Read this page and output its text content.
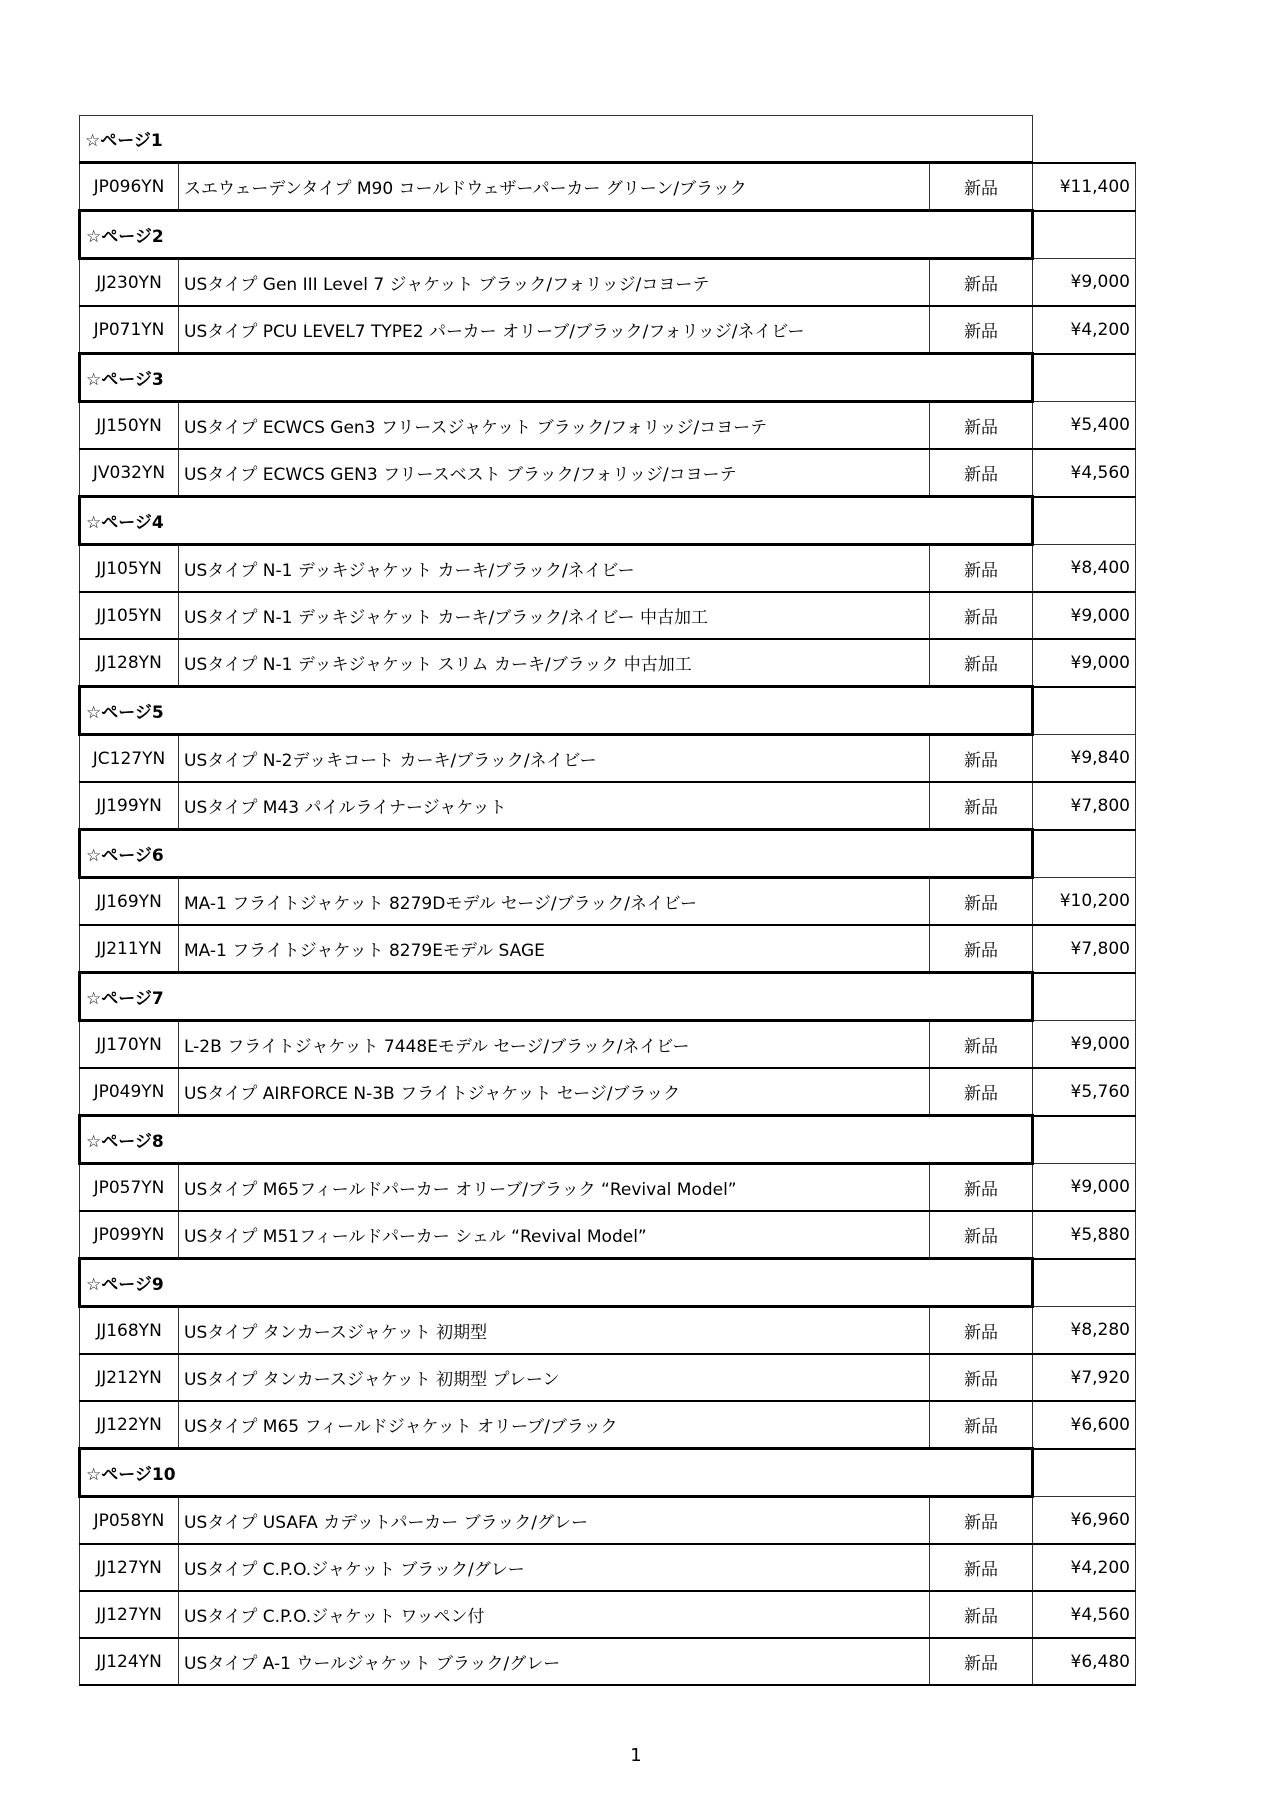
☆ページ1			
JP096YN	スエウェーデンタイプ M90 コールドウェザーパーカー グリーン/ブラック	新品	¥11,400
☆ページ2			
JJ230YN	USタイプ Gen III Level 7 ジャケット ブラック/フォリッジ/コヨーテ	新品	¥9,000
JP071YN	USタイプ PCU LEVEL7 TYPE2 パーカー オリーブ/ブラック/フォリッジ/ネイビー	新品	¥4,200
☆ページ3			
JJ150YN	USタイプ ECWCS Gen3 フリースジャケット ブラック/フォリッジ/コヨーテ	新品	¥5,400
JV032YN	USタイプ ECWCS GEN3 フリースベスト ブラック/フォリッジ/コヨーテ	新品	¥4,560
☆ページ4			
JJ105YN	USタイプ N-1 デッキジャケット カーキ/ブラック/ネイビー	新品	¥8,400
JJ105YN	USタイプ N-1 デッキジャケット カーキ/ブラック/ネイビー 中古加工	新品	¥9,000
JJ128YN	USタイプ N-1 デッキジャケット スリム カーキ/ブラック 中古加工	新品	¥9,000
☆ページ5			
JC127YN	USタイプ N-2デッキコート カーキ/ブラック/ネイビー	新品	¥9,840
JJ199YN	USタイプ M43 パイルライナージャケット	新品	¥7,800
☆ページ6			
JJ169YN	MA-1 フライトジャケット 8279Dモデル セージ/ブラック/ネイビー	新品	¥10,200
JJ211YN	MA-1 フライトジャケット 8279Eモデル SAGE	新品	¥7,800
☆ページ7			
JJ170YN	L-2B フライトジャケット 7448Eモデル セージ/ブラック/ネイビー	新品	¥9,000
JP049YN	USタイプ AIRFORCE N-3B フライトジャケット セージ/ブラック	新品	¥5,760
☆ページ8			
JP057YN	USタイプ M65フィールドパーカー オリーブ/ブラック “Revival Model”	新品	¥9,000
JP099YN	USタイプ M51フィールドパーカー シェル “Revival Model”	新品	¥5,880
☆ページ9			
JJ168YN	USタイプ タンカースジャケット 初期型	新品	¥8,280
JJ212YN	USタイプ タンカースジャケット 初期型 プレーン	新品	¥7,920
JJ122YN	USタイプ M65 フィールドジャケット オリーブ/ブラック	新品	¥6,600
☆ページ10			
JP058YN	USタイプ USAFA カデットパーカー ブラック/グレー	新品	¥6,960
JJ127YN	USタイプ C.P.O.ジャケット ブラック/グレー	新品	¥4,200
JJ127YN	USタイプ C.P.O.ジャケット ワッペン付	新品	¥4,560
JJ124YN	USタイプ A-1 ウールジャケット ブラック/グレー	新品	¥6,480
1
